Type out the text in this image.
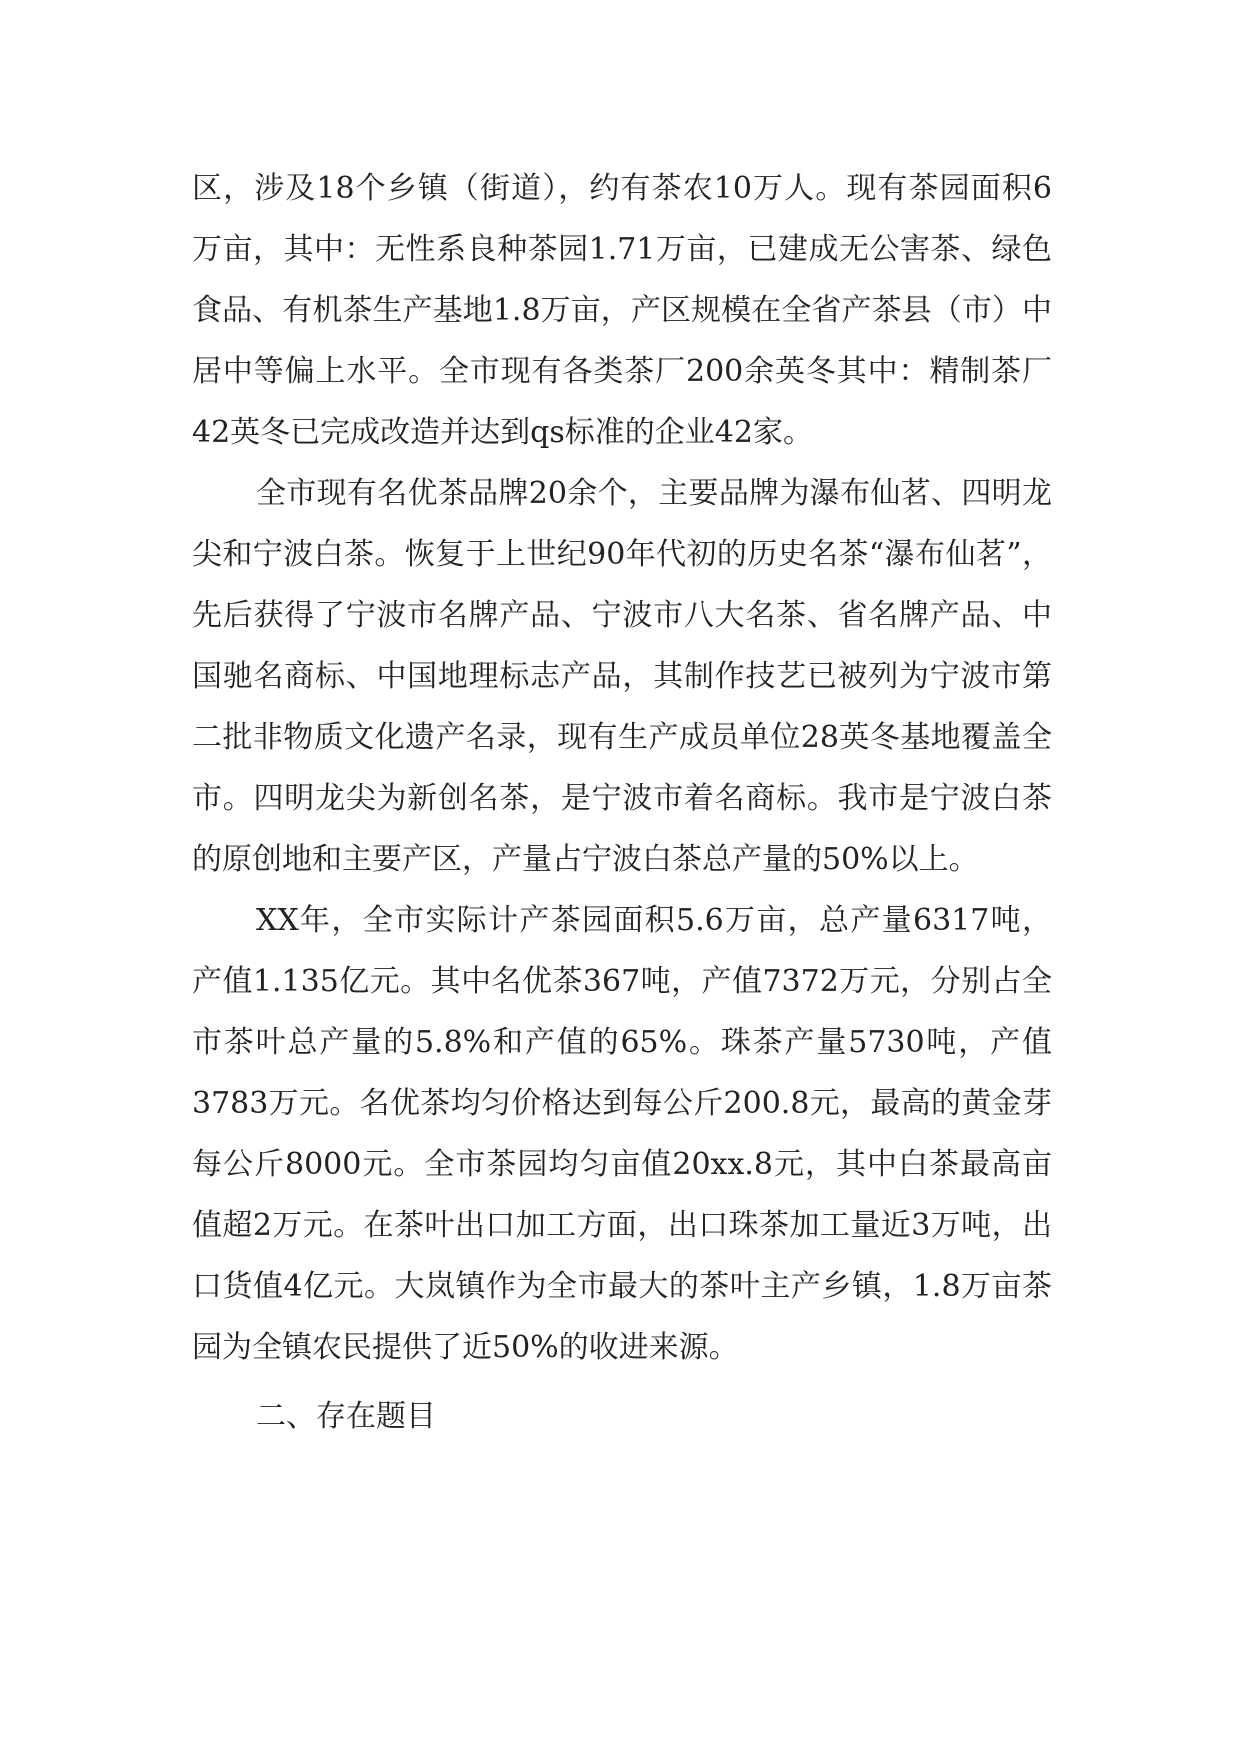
区，涉及18个乡镇（街道），约有茶农10万人。现有茶园面积6万亩，其中：无性系良种茶园1.71万亩，已建成无公害茶、绿色食品、有机茶生产基地1.8万亩，产区规模在全省产茶县（市）中居中等偏上水平。全市现有各类茶厂200余英冬其中：精制茶厂42英冬已完成改造并达到qs标准的企业42家。

全市现有名优茶品牌20余个，主要品牌为瀑布仙茗、四明龙尖和宁波白茶。恢复于上世纪90年代初的历史名茶“瀑布仙茗”，先后获得了宁波市名牌产品、宁波市八大名茶、省名牌产品、中国驰名商标、中国地理标志产品，其制作技艺已被列为宁波市第二批非物质文化遗产名录，现有生产成员单位28英冬基地覆盖全市。四明龙尖为新创名茶，是宁波市着名商标。我市是宁波白茶的原创地和主要产区，产量占宁波白茶总产量的50%以上。

XX年，全市实际计产茶园面积5.6万亩，总产量6317吨，产值1.135亿元。其中名优茶367吨，产值7372万元，分别占全市茶叶总产量的5.8%和产值的65%。珠茶产量5730吨，产值3783万元。名优茶均匀价格达到每公斤200.8元，最高的黄金芽每公斤8000元。全市茶园均匀亩值20xx.8元，其中白茶最高亩值超2万元。在茶叶出口加工方面，出口珠茶加工量近3万吨，出口货值4亿元。大岚镇作为全市最大的茶叶主产乡镇，1.8万亩茶园为全镇农民提供了近50%的收进来源。

二、存在题目
